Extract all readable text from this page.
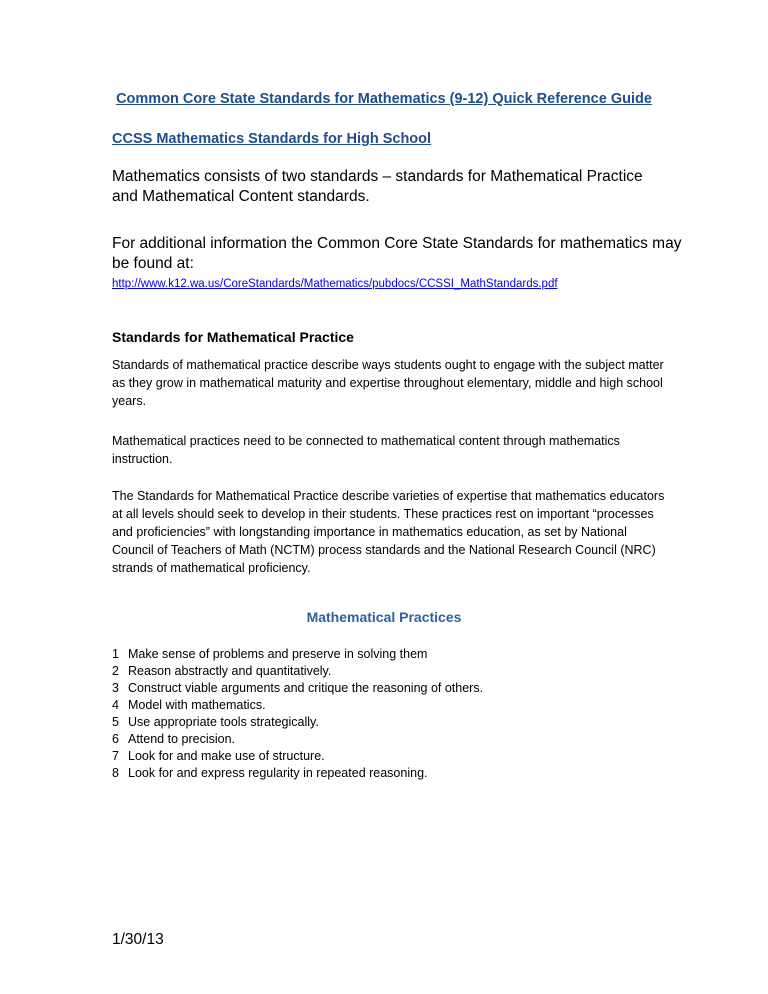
Common Core State Standards for Mathematics (9-12) Quick Reference Guide
CCSS Mathematics Standards for High School
Mathematics consists of two standards – standards for Mathematical Practice and Mathematical Content standards.
For additional information the Common Core State Standards for mathematics may be found at:
http://www.k12.wa.us/CoreStandards/Mathematics/pubdocs/CCSSI_MathStandards.pdf
Standards for Mathematical Practice
Standards of mathematical practice describe ways students ought to engage with the subject matter as they grow in mathematical maturity and expertise throughout elementary, middle and high school years.
Mathematical practices need to be connected to mathematical content through mathematics instruction.
The Standards for Mathematical Practice describe varieties of expertise that mathematics educators at all levels should seek to develop in their students. These practices rest on important “processes and proficiencies” with longstanding importance in mathematics education, as set by National Council of Teachers of Math (NCTM) process standards and the National Research Council (NRC) strands of mathematical proficiency.
Mathematical Practices
1 Make sense of problems and preserve in solving them
2 Reason abstractly and quantitatively.
3 Construct viable arguments and critique the reasoning of others.
4 Model with mathematics.
5 Use appropriate tools strategically.
6 Attend to precision.
7 Look for and make use of structure.
8 Look for and express regularity in repeated reasoning.
1/30/13
